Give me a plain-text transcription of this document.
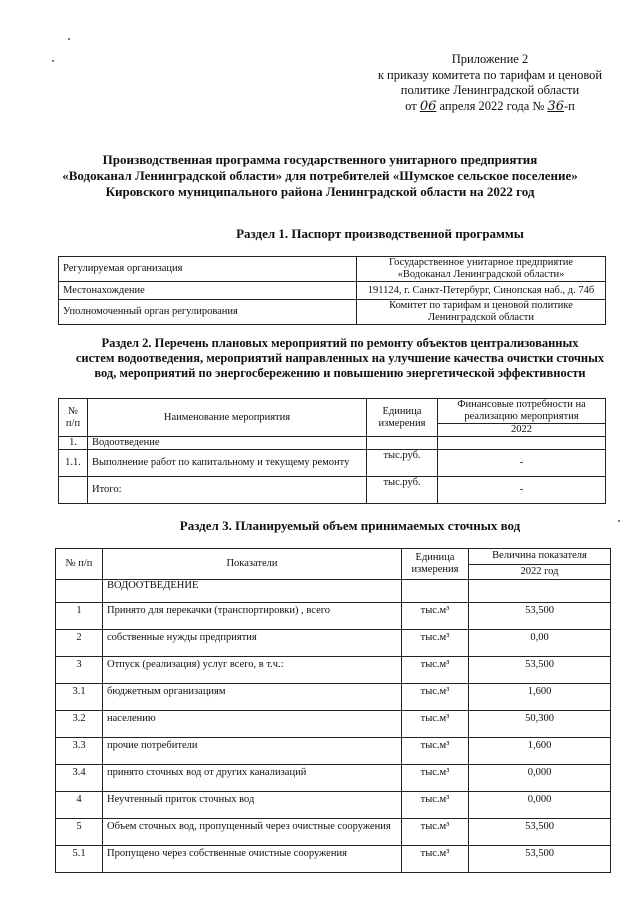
Приложение 2
к приказу комитета по тарифам и ценовой
политике Ленинградской области
от 06 апреля 2022 года № 36-п
Производственная программа государственного унитарного предприятия
«Водоканал Ленинградской области» для потребителей «Шумское сельское поселение»
Кировского муниципального района Ленинградской области на 2022 год
Раздел 1. Паспорт производственной программы
Регулируемая организация	Государственное унитарное предприятие
«Водоканал Ленинградской области»

Местонахождение	191124, г. Санкт-Петербург, Синопская наб., д. 74б
Уполномоченный орган регулирования	Комитет по тарифам и ценовой политике
Ленинградской области
Раздел 2. Перечень плановых мероприятий по ремонту объектов централизованных
систем водоотведения, мероприятий направленных на улучшение качества очистки сточных
вод, мероприятий по энергосбережению и повышению энергетической эффективности
№
п/п	Наименование мероприятия	Единица
измерения	Финансовые потребности на реализацию мероприятия
			2022
1.	Водоотведение		
1.1.	Выполнение работ по капитальному и текущему ремонту	тыс.руб.	-
	Итого:	тыс.руб.	-
Раздел 3. Планируемый объем принимаемых сточных вод
№ п/п	Показатели	Единица
измерения	Величина показателя
			2022 год
	ВОДООТВЕДЕНИЕ		
1	Принято для перекачки (транспортировки) , всего	тыс.м³	53,500
2	собственные нужды предприятия	тыс.м³	0,00
3	Отпуск (реализация) услуг всего, в т.ч.:	тыс.м³	53,500
3.1	бюджетным организациям	тыс.м³	1,600
3.2	населению	тыс.м³	50,300
3.3	прочие потребители	тыс.м³	1,600
3.4	принято сточных вод от других канализаций	тыс.м³	0,000
4	Неучтенный приток сточных вод	тыс.м³	0,000
5	Объем сточных вод, пропущенный через очистные сооружения	тыс.м³	53,500
5.1	Пропущено через собственные очистные сооружения	тыс.м³	53,500
